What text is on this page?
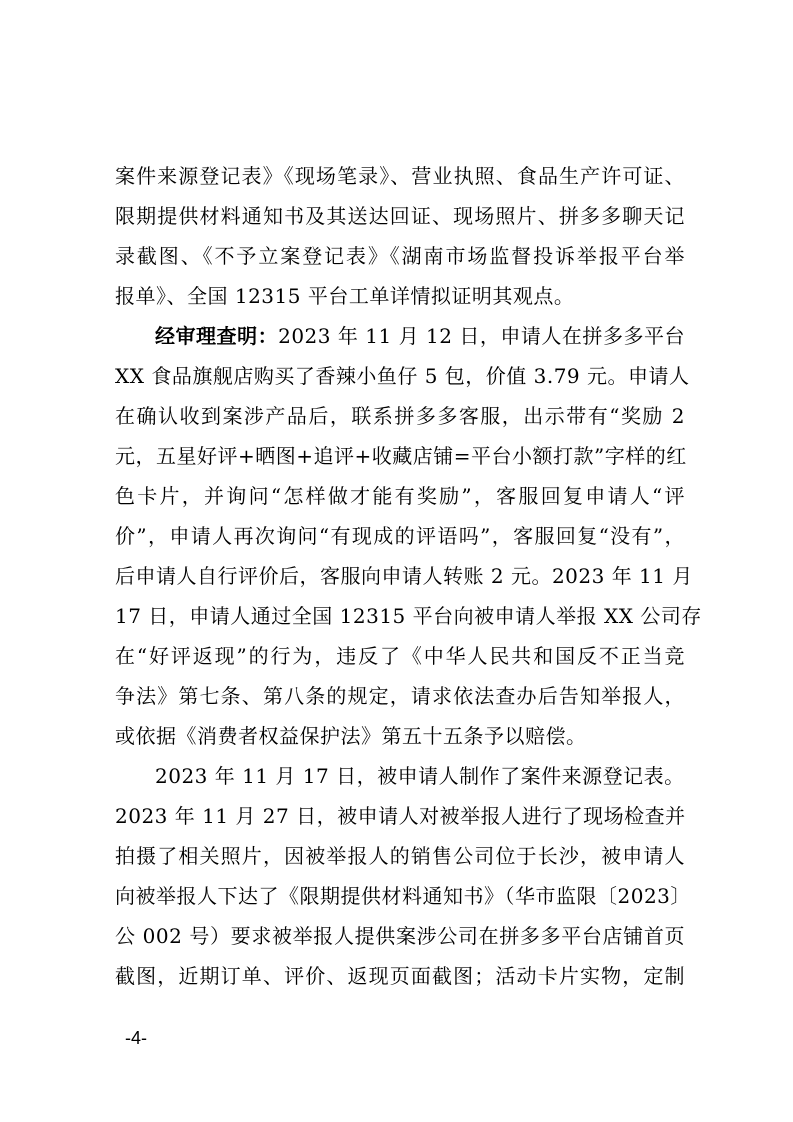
案件来源登记表》《现场笔录》、营业执照、食品生产许可证、
限期提供材料通知书及其送达回证、现场照片、拼多多聊天记
录截图、《不予立案登记表》《湖南市场监督投诉举报平台举
报单》、全国 12315 平台工单详情拟证明其观点。
经审理查明：2023 年 11 月 12 日，申请人在拼多多平台
XX 食品旗舰店购买了香辣小鱼仔 5 包，价值 3.79 元。申请人
在确认收到案涉产品后，联系拼多多客服，出示带有“奖励 2
元，五星好评+晒图+追评+收藏店铺=平台小额打款”字样的红
色卡片，并询问“怎样做才能有奖励”，客服回复申请人“评
价”，申请人再次询问“有现成的评语吗”，客服回复“没有”，
后申请人自行评价后，客服向申请人转账 2 元。2023 年 11 月
17 日，申请人通过全国 12315 平台向被申请人举报 XX 公司存
在“好评返现”的行为，违反了《中华人民共和国反不正当竞
争法》第七条、第八条的规定，请求依法查办后告知举报人，
或依据《消费者权益保护法》第五十五条予以赔偿。
2023 年 11 月 17 日，被申请人制作了案件来源登记表。
2023 年 11 月 27 日，被申请人对被举报人进行了现场检查并
拍摄了相关照片，因被举报人的销售公司位于长沙，被申请人
向被举报人下达了《限期提供材料通知书》（华市监限〔2023〕
公 002 号）要求被举报人提供案涉公司在拼多多平台店铺首页
截图，近期订单、评价、返现页面截图；活动卡片实物，定制
-4-
